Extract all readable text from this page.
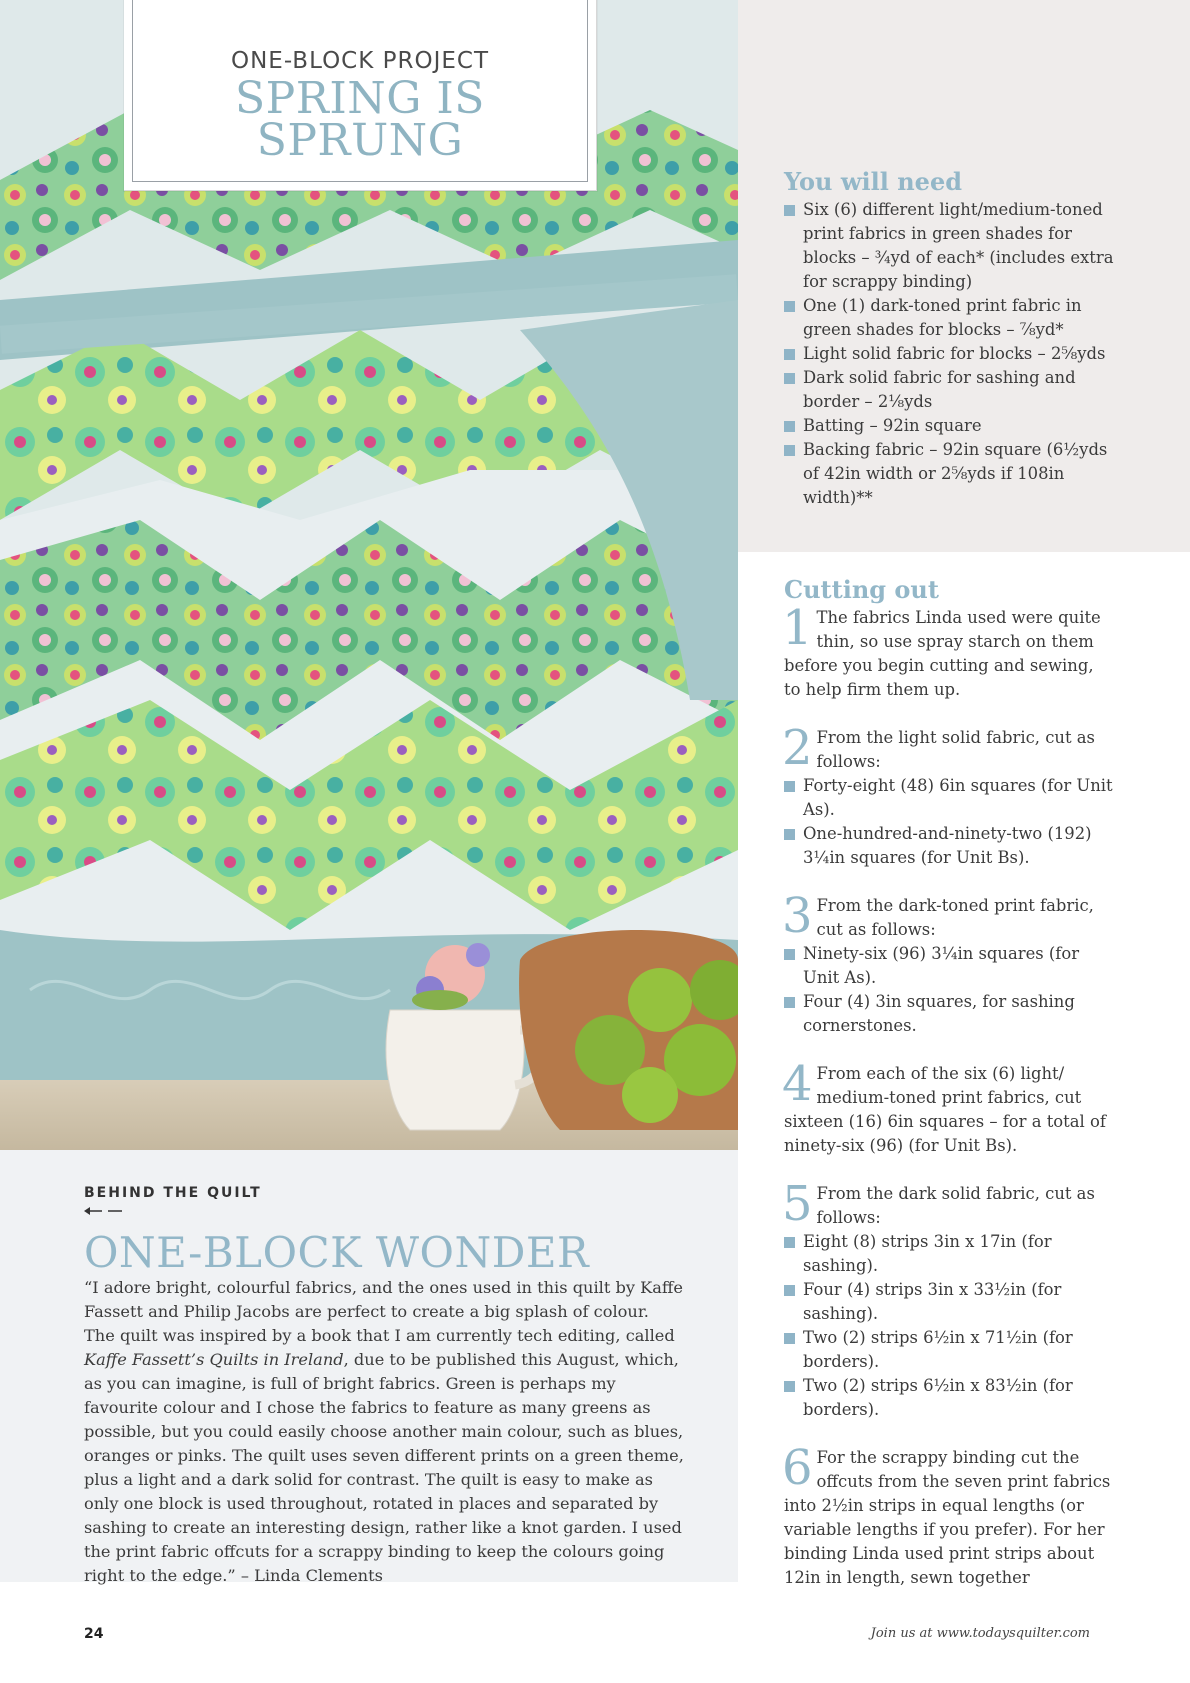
ONE-BLOCK PROJECT
SPRING IS
SPRUNG
You will need
Six (6) different light/medium-toned print fabrics in green shades for blocks – ¾yd of each* (includes extra for scrappy binding)
One (1) dark-toned print fabric in green shades for blocks – ⅞yd*
Light solid fabric for blocks – 2⅝yds
Dark solid fabric for sashing and border – 2⅛yds
Batting – 92in square
Backing fabric – 92in square (6½yds of 42in width or 2⅝yds if 108in width)**
Cutting out
1 The fabrics Linda used were quite thin, so use spray starch on them before you begin cutting and sewing, to help firm them up.
2 From the light solid fabric, cut as follows:
Forty-eight (48) 6in squares (for Unit As).
One-hundred-and-ninety-two (192) 3¼in squares (for Unit Bs).
3 From the dark-toned print fabric, cut as follows:
Ninety-six (96) 3¼in squares (for Unit As).
Four (4) 3in squares, for sashing cornerstones.
4 From each of the six (6) light/ medium-toned print fabrics, cut sixteen (16) 6in squares – for a total of ninety-six (96) (for Unit Bs).
5 From the dark solid fabric, cut as follows:
Eight (8) strips 3in x 17in (for sashing).
Four (4) strips 3in x 33½in (for sashing).
Two (2) strips 6½in x 71½in (for borders).
Two (2) strips 6½in x 83½in (for borders).
6 For the scrappy binding cut the offcuts from the seven print fabrics into 2½in strips in equal lengths (or variable lengths if you prefer). For her binding Linda used print strips about 12in in length, sewn together
BEHIND THE QUILT
ONE-BLOCK WONDER
“I adore bright, colourful fabrics, and the ones used in this quilt by Kaffe Fassett and Philip Jacobs are perfect to create a big splash of colour. The quilt was inspired by a book that I am currently tech editing, called Kaffe Fassett’s Quilts in Ireland, due to be published this August, which, as you can imagine, is full of bright fabrics. Green is perhaps my favourite colour and I chose the fabrics to feature as many greens as possible, but you could easily choose another main colour, such as blues, oranges or pinks. The quilt uses seven different prints on a green theme, plus a light and a dark solid for contrast. The quilt is easy to make as only one block is used throughout, rotated in places and separated by sashing to create an interesting design, rather like a knot garden. I used the print fabric offcuts for a scrappy binding to keep the colours going right to the edge.” – Linda Clements
24	Join us at www.todaysquilter.com
